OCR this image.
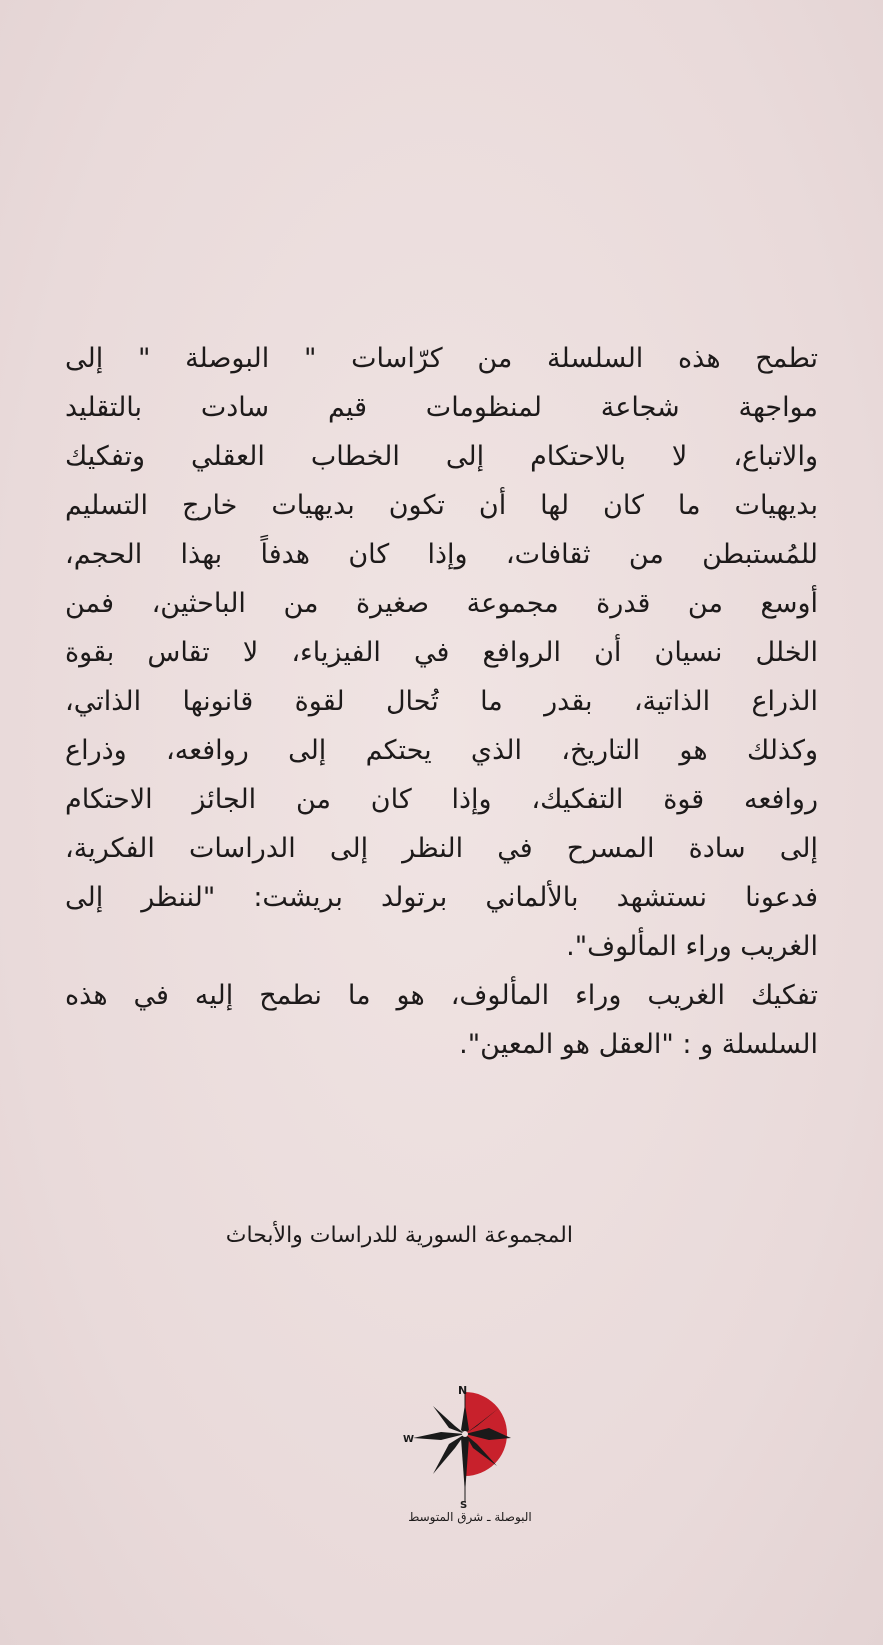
تطمح هذه السلسلة من كرّاسات " البوصلة " إلى
مواجهة شجاعة لمنظومات قيم سادت بالتقليد
والاتباع، لا بالاحتكام إلى الخطاب العقلي وتفكيك
بديهيات ما كان لها أن تكون بديهيات خارج التسليم
للمُستبطن من ثقافات، وإذا كان هدفاً بهذا الحجم،
أوسع من قدرة مجموعة صغيرة من الباحثين، فمن
الخلل نسيان أن الروافع في الفيزياء، لا تقاس بقوة
الذراع الذاتية، بقدر ما تُحال لقوة قانونها الذاتي،
وكذلك هو التاريخ، الذي يحتكم إلى روافعه، وذراع
روافعه قوة التفكيك، وإذا كان من الجائز الاحتكام
إلى سادة المسرح في النظر إلى الدراسات الفكرية،
فدعونا نستشهد بالألماني برتولد بريشت: "لننظر إلى
الغريب وراء المألوف".

تفكيك الغريب وراء المألوف، هو ما نطمح إليه في هذه
السلسلة و : "العقل هو المعين".

المجموعة السورية للدراسات والأبحاث
N
W
S
البوصلة ـ شرق المتوسط
